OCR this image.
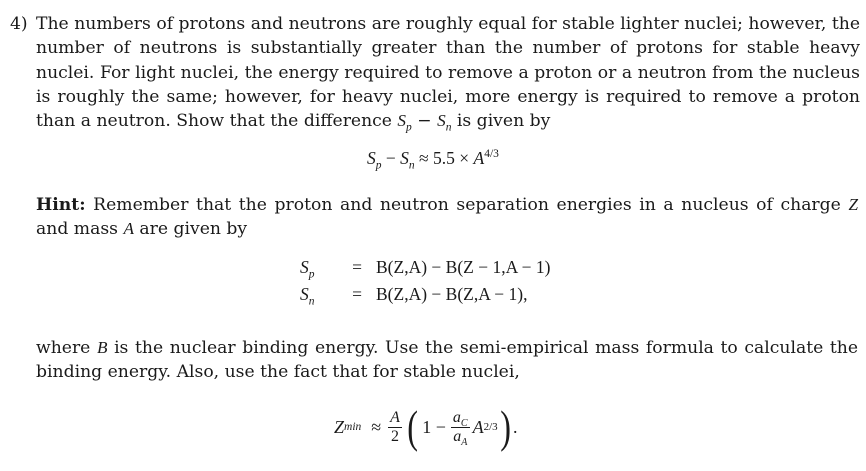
4) The numbers of protons and neutrons are roughly equal for stable lighter nuclei; however, the number of neutrons is substantially greater than the number of protons for stable heavy nuclei. For light nuclei, the energy required to remove a proton or a neutron from the nucleus is roughly the same; however, for heavy nuclei, more energy is required to remove a proton than a neutron. Show that the difference $S_p - S_n$ is given by
$S_p - S_n \approx 5.5 \times A^{4/3}$
Hint: Remember that the proton and neutron separation energies in a nucleus of charge Z and mass A are given by
$S_p$	= B(Z,A) − B(Z − 1,A − 1)
$S_n$	= B(Z,A) − B(Z,A − 1),
where B is the nuclear binding energy. Use the semi-empirical mass formula to calculate the binding energy. Also, use the fact that for stable nuclei,
Z $\min \approx \frac{A}{2}$ ( $1 - \frac{a_C}{a_A}$ A 2/3 ) .
